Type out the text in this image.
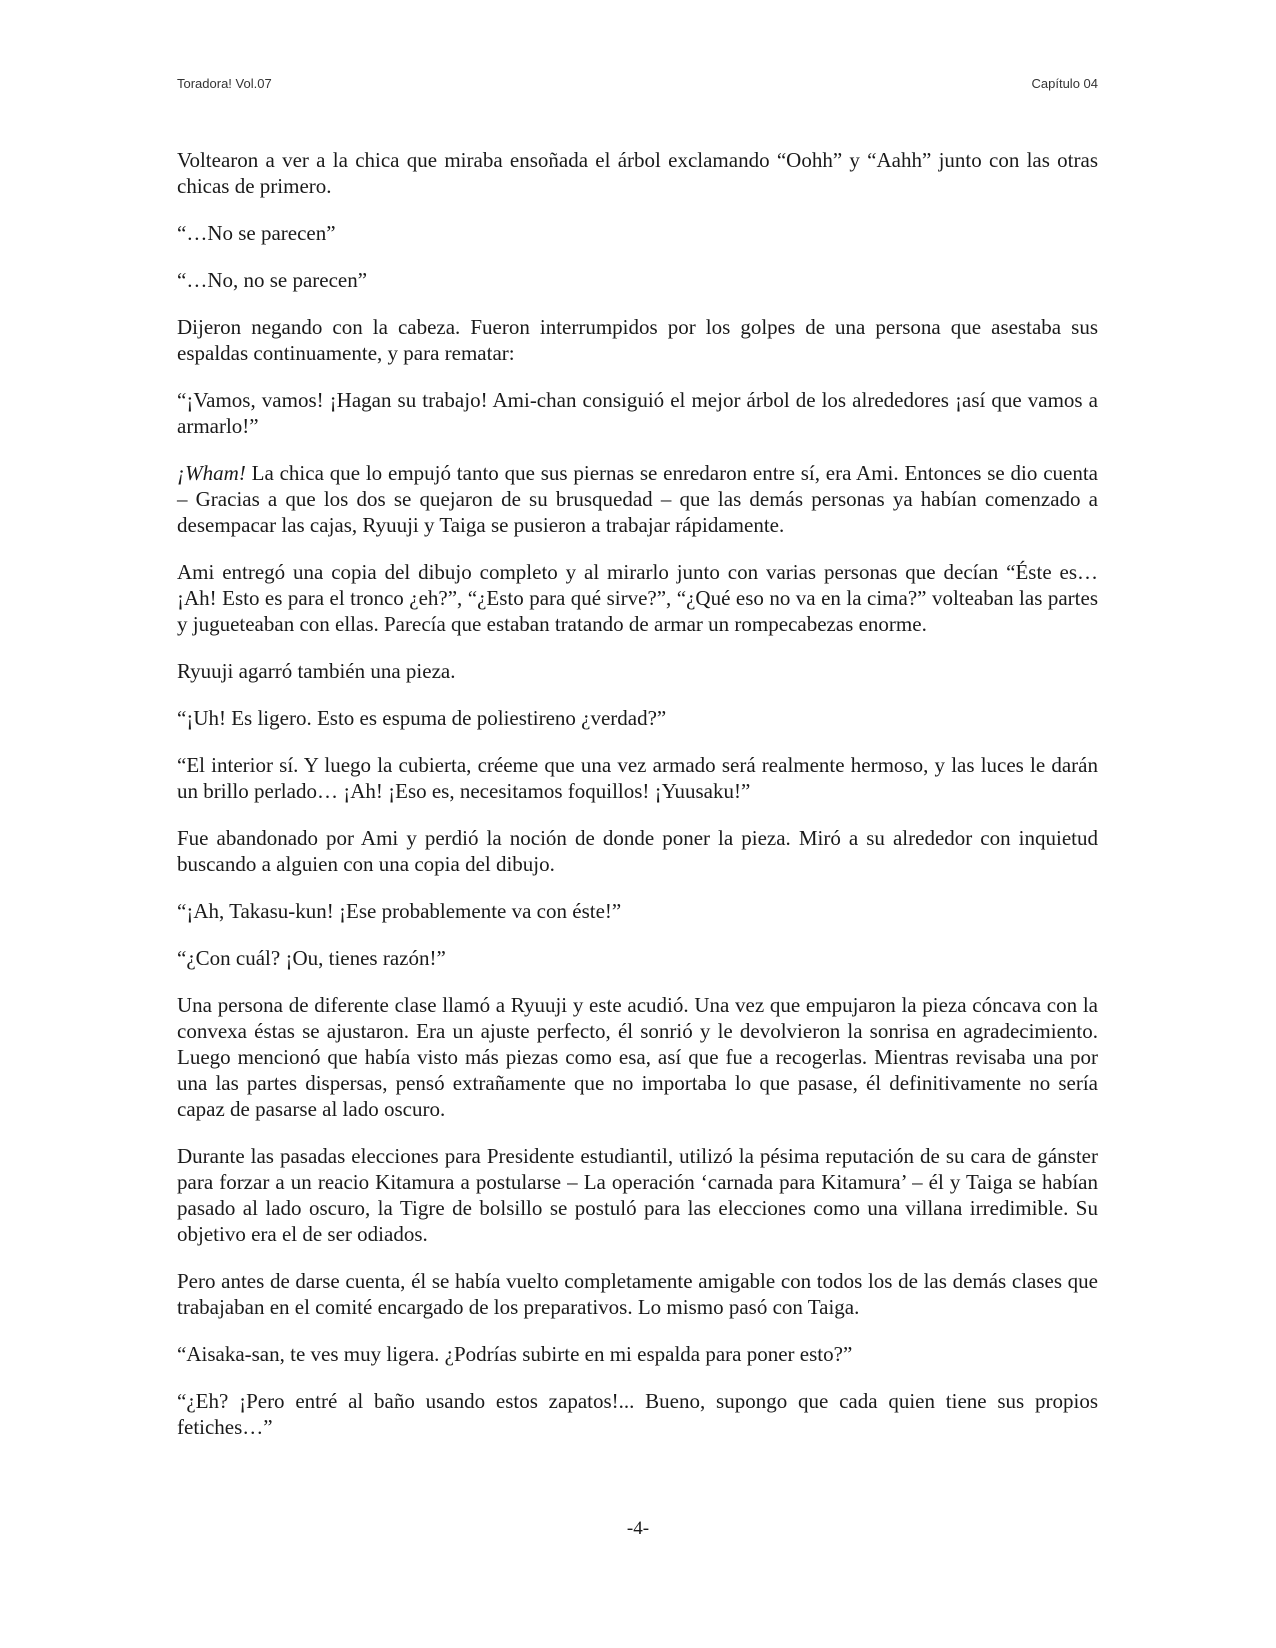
Toradora! Vol.07	Capítulo 04

Voltearon a ver a la chica que miraba ensoñada el árbol exclamando “Oohh” y “Aahh” junto con las otras chicas de primero.

“…No se parecen”

“…No, no se parecen”

Dijeron negando con la cabeza. Fueron interrumpidos por los golpes de una persona que asestaba sus espaldas continuamente, y para rematar:

“¡Vamos, vamos! ¡Hagan su trabajo! Ami-chan consiguió el mejor árbol de los alrededores ¡así que vamos a armarlo!”

¡Wham! La chica que lo empujó tanto que sus piernas se enredaron entre sí, era Ami. Entonces se dio cuenta – Gracias a que los dos se quejaron de su brusquedad – que las demás personas ya habían comenzado a desempacar las cajas, Ryuuji y Taiga se pusieron a trabajar rápidamente.

Ami entregó una copia del dibujo completo y al mirarlo junto con varias personas que decían “Éste es… ¡Ah! Esto es para el tronco ¿eh?”, “¿Esto para qué sirve?”, “¿Qué eso no va en la cima?” volteaban las partes y jugueteaban con ellas. Parecía que estaban tratando de armar un rompecabezas enorme.

Ryuuji agarró también una pieza.

“¡Uh! Es ligero. Esto es espuma de poliestireno ¿verdad?”

“El interior sí. Y luego la cubierta, créeme que una vez armado será realmente hermoso, y las luces le darán un brillo perlado… ¡Ah! ¡Eso es, necesitamos foquillos! ¡Yuusaku!”

Fue abandonado por Ami y perdió la noción de donde poner la pieza. Miró a su alrededor con inquietud buscando a alguien con una copia del dibujo.

“¡Ah, Takasu-kun! ¡Ese probablemente va con éste!”

“¿Con cuál? ¡Ou, tienes razón!”

Una persona de diferente clase llamó a Ryuuji y este acudió. Una vez que empujaron la pieza cóncava con la convexa éstas se ajustaron. Era un ajuste perfecto, él sonrió y le devolvieron la sonrisa en agradecimiento. Luego mencionó que había visto más piezas como esa, así que fue a recogerlas. Mientras revisaba una por una las partes dispersas, pensó extrañamente que no importaba lo que pasase, él definitivamente no sería capaz de pasarse al lado oscuro.

Durante las pasadas elecciones para Presidente estudiantil, utilizó la pésima reputación de su cara de gánster para forzar a un reacio Kitamura a postularse – La operación ‘carnada para Kitamura’ – él y Taiga se habían pasado al lado oscuro, la Tigre de bolsillo se postuló para las elecciones como una villana irredimible. Su objetivo era el de ser odiados.

Pero antes de darse cuenta, él se había vuelto completamente amigable con todos los de las demás clases que trabajaban en el comité encargado de los preparativos. Lo mismo pasó con Taiga.

“Aisaka-san, te ves muy ligera. ¿Podrías subirte en mi espalda para poner esto?”

“¿Eh? ¡Pero entré al baño usando estos zapatos!... Bueno, supongo que cada quien tiene sus propios fetiches…”

-4-
